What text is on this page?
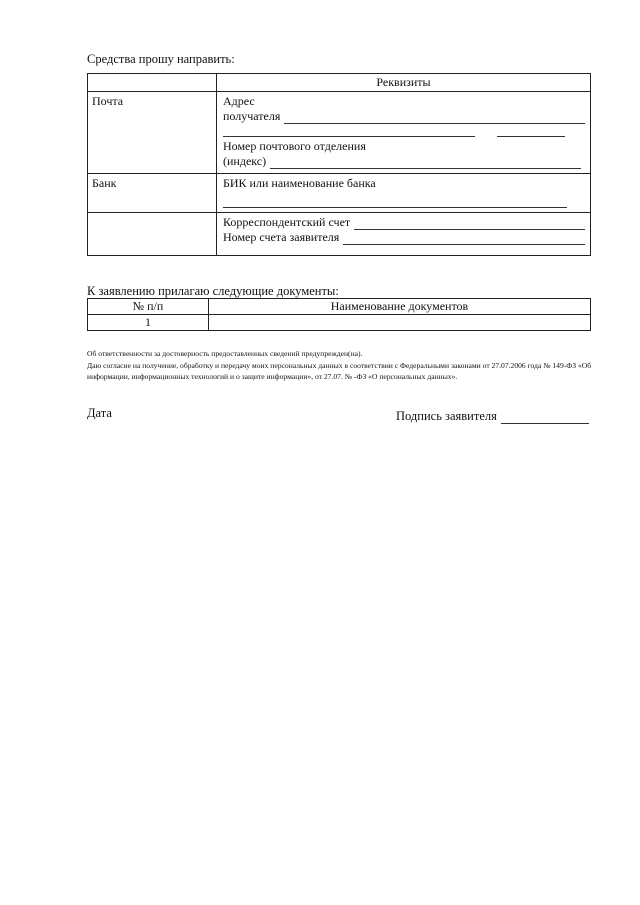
Средства прошу направить:
	Реквизиты
Почта	Адрес
получателя
Номер почтового отделения
(индекс)

Банк	БИК или наименование банка

	Корреспондентский счет
Номер счета заявителя
К заявлению прилагаю следующие документы:
№ п/п	Наименование документов
1	
Об ответственности за достоверность предоставленных сведений предупрежден(на).
Даю согласие на получение, обработку и передачу моих персональных данных в соответствии с Федеральными законами от 27.07.2006 года № 149-ФЗ «Об информации, информационных технологий и о защите информации», от 27.07. № -ФЗ «О персональных данных».
Дата	Подпись заявителя
